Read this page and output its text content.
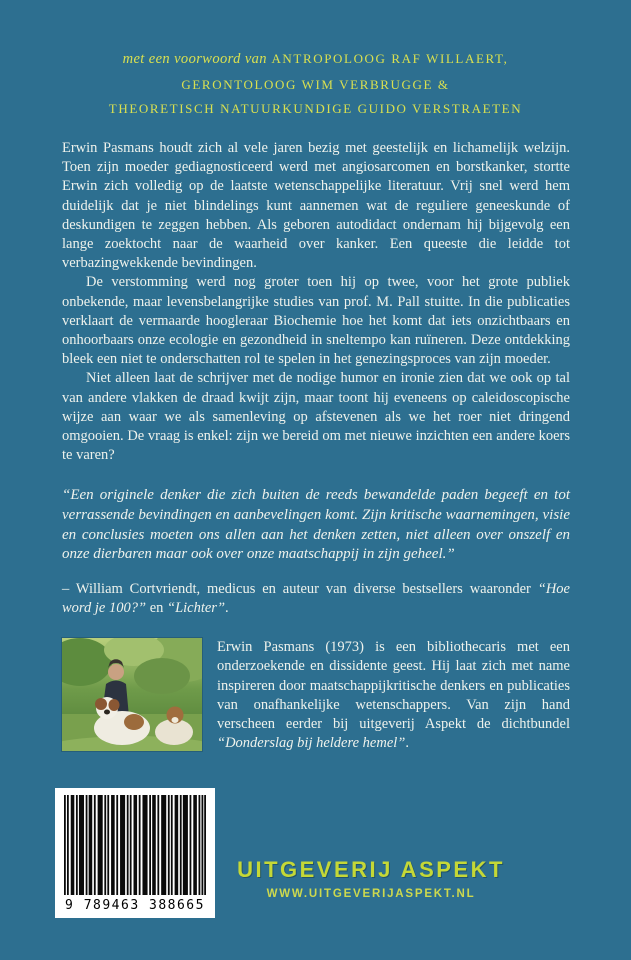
met een voorwoord van ANTROPOLOOG RAF WILLAERT,
GERONTOLOOG WIM VERBRUGGE &
THEORETISCH NATUURKUNDIGE GUIDO VERSTRAETEN

Erwin Pasmans houdt zich al vele jaren bezig met geestelijk en lichamelijk welzijn. Toen zijn moeder gediagnosticeerd werd met angiosarcomen en borstkanker, stortte Erwin zich volledig op de laatste wetenschappelijke literatuur. Vrij snel werd hem duidelijk dat je niet blindelings kunt aannemen wat de reguliere geneeskunde of deskundigen te zeggen hebben. Als geboren autodidact ondernam hij bijgevolg een lange zoektocht naar de waarheid over kanker. Een queeste die leidde tot verbazingwekkende bevindingen.

De verstomming werd nog groter toen hij op twee, voor het grote publiek onbekende, maar levensbelangrijke studies van prof. M. Pall stuitte. In die publicaties verklaart de vermaarde hoogleraar Biochemie hoe het komt dat iets onzichtbaars en onhoorbaars onze ecologie en gezondheid in sneltempo kan ruïneren. Deze ontdekking bleek een niet te onderschatten rol te spelen in het genezingsproces van zijn moeder.

Niet alleen laat de schrijver met de nodige humor en ironie zien dat we ook op tal van andere vlakken de draad kwijt zijn, maar toont hij eveneens op caleidoscopische wijze aan waar we als samenleving op afstevenen als we het roer niet dringend omgooien. De vraag is enkel: zijn we bereid om met nieuwe inzichten een andere koers te varen?

“Een originele denker die zich buiten de reeds bewandelde paden begeeft en tot verrassende bevindingen en aanbevelingen komt. Zijn kritische waarnemingen, visie en conclusies moeten ons allen aan het denken zetten, niet alleen over onszelf en onze dierbaren maar ook over onze maatschappij in zijn geheel.”

– William Cortvriendt, medicus en auteur van diverse bestsellers waaronder “Hoe word je 100?” en “Lichter”.

Erwin Pasmans (1973) is een bibliothecaris met een onderzoekende en dissidente geest. Hij laat zich met name inspireren door maatschappijkritische denkers en publicaties van onafhankelijke wetenschappers. Van zijn hand verscheen eerder bij uitgeverij Aspekt de dichtbundel “Donderslag bij heldere hemel”.

9 789463 388665
UITGEVERIJ ASPEKT
WWW.UITGEVERIJASPEKT.NL
